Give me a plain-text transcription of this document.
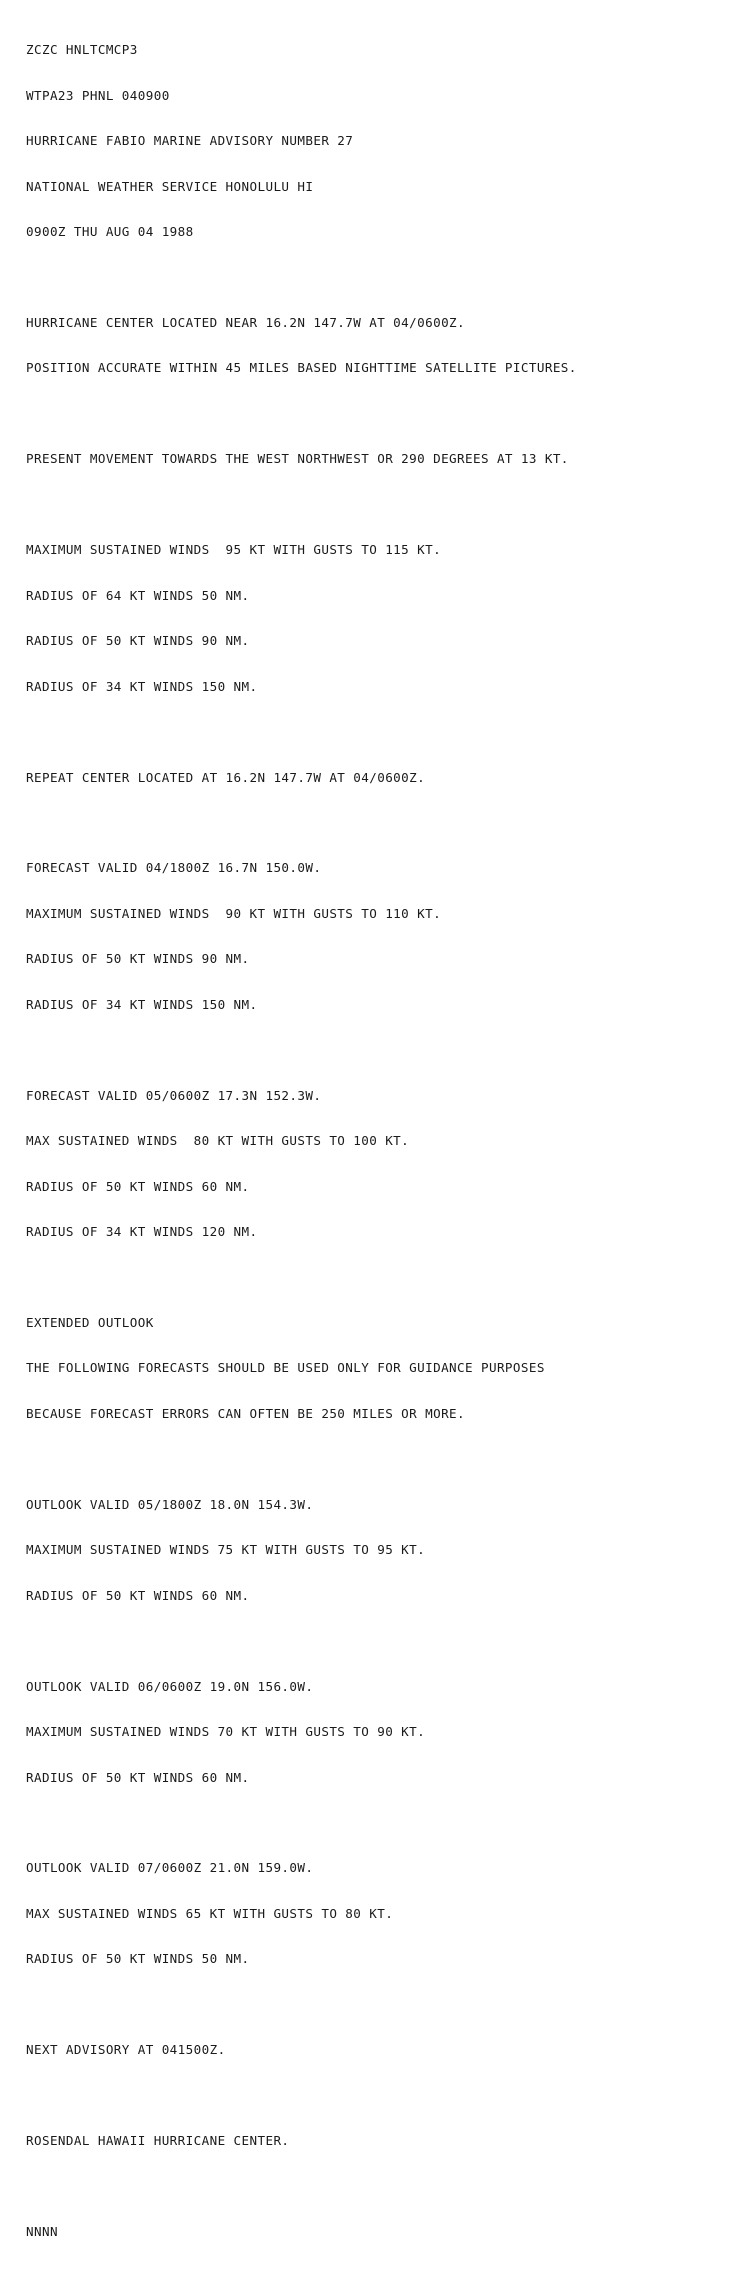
ZCZC HNLTCMCP3

WTPA23 PHNL 040900

HURRICANE FABIO MARINE ADVISORY NUMBER 27

NATIONAL WEATHER SERVICE HONOLULU HI

0900Z THU AUG 04 1988

HURRICANE CENTER LOCATED NEAR 16.2N 147.7W AT 04/0600Z.

POSITION ACCURATE WITHIN 45 MILES BASED NIGHTTIME SATELLITE PICTURES.

PRESENT MOVEMENT TOWARDS THE WEST NORTHWEST OR 290 DEGREES AT 13 KT.

MAXIMUM SUSTAINED WINDS  95 KT WITH GUSTS TO 115 KT.

RADIUS OF 64 KT WINDS 50 NM.

RADIUS OF 50 KT WINDS 90 NM.

RADIUS OF 34 KT WINDS 150 NM.

REPEAT CENTER LOCATED AT 16.2N 147.7W AT 04/0600Z.

FORECAST VALID 04/1800Z 16.7N 150.0W.

MAXIMUM SUSTAINED WINDS  90 KT WITH GUSTS TO 110 KT.

RADIUS OF 50 KT WINDS 90 NM.

RADIUS OF 34 KT WINDS 150 NM.

FORECAST VALID 05/0600Z 17.3N 152.3W.

MAX SUSTAINED WINDS  80 KT WITH GUSTS TO 100 KT.

RADIUS OF 50 KT WINDS 60 NM.

RADIUS OF 34 KT WINDS 120 NM.

EXTENDED OUTLOOK

THE FOLLOWING FORECASTS SHOULD BE USED ONLY FOR GUIDANCE PURPOSES

BECAUSE FORECAST ERRORS CAN OFTEN BE 250 MILES OR MORE.

OUTLOOK VALID 05/1800Z 18.0N 154.3W.

MAXIMUM SUSTAINED WINDS 75 KT WITH GUSTS TO 95 KT.

RADIUS OF 50 KT WINDS 60 NM.

OUTLOOK VALID 06/0600Z 19.0N 156.0W.

MAXIMUM SUSTAINED WINDS 70 KT WITH GUSTS TO 90 KT.

RADIUS OF 50 KT WINDS 60 NM.

OUTLOOK VALID 07/0600Z 21.0N 159.0W.

MAX SUSTAINED WINDS 65 KT WITH GUSTS TO 80 KT.

RADIUS OF 50 KT WINDS 50 NM.

NEXT ADVISORY AT 041500Z.

ROSENDAL HAWAII HURRICANE CENTER.

NNNN
